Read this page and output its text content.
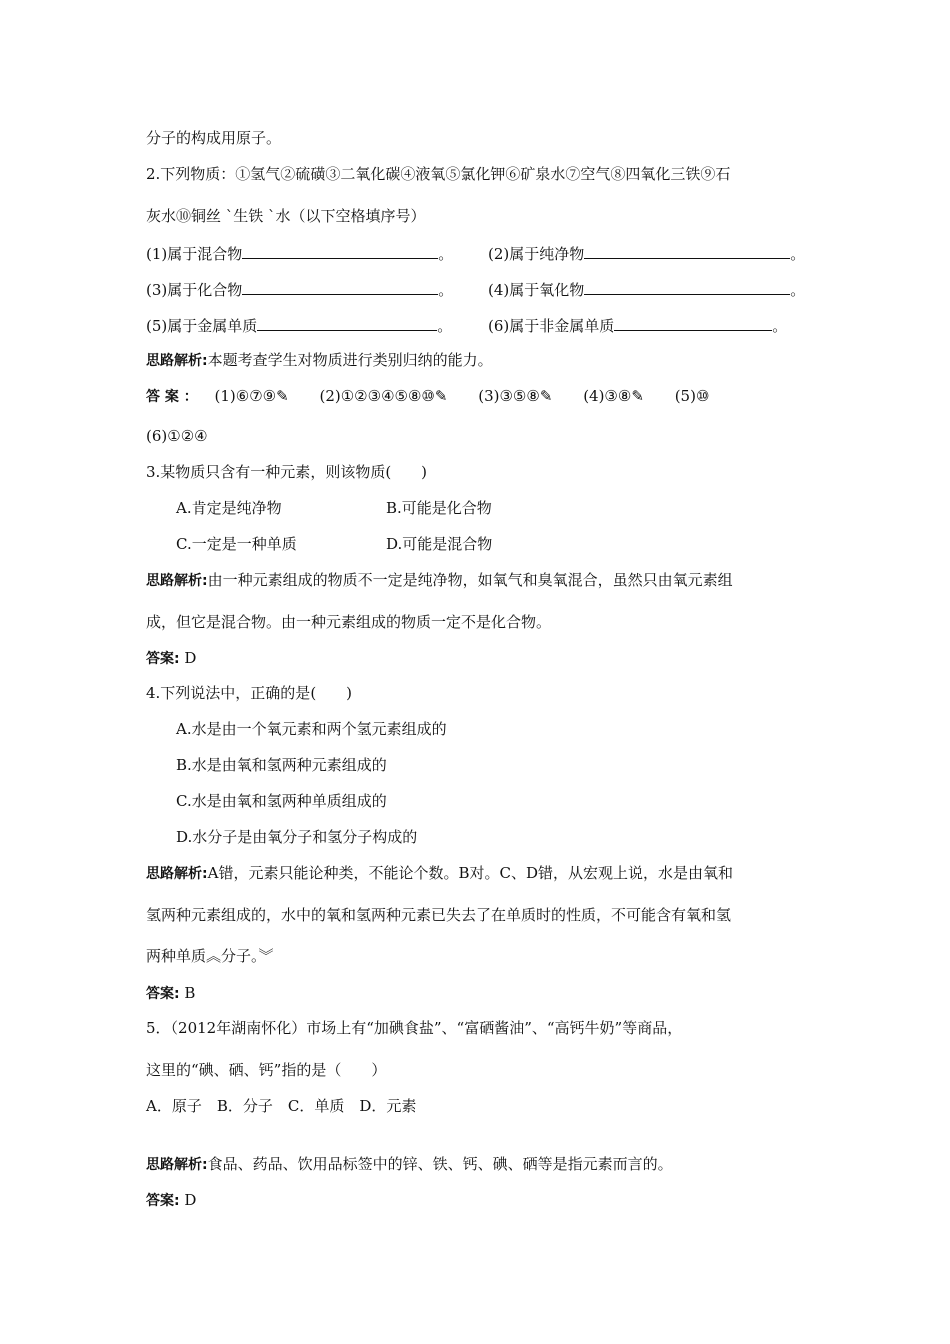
分子的构成用原子。
2.下列物质：①氢气②硫磺③二氧化碳④液氧⑤氯化钾⑥矿泉水⑦空气⑧四氧化三铁⑨石
灰水⑩铜丝 `生铁 `水（以下空格填序号）
(1)属于混合物	。 (2)属于纯净物	。
(3)属于化合物	。 (4)属于氧化物	。
(5)属于金属单质	。 (6)属于非金属单质	。
思路解析:本题考查学生对物质进行类别归纳的能力。
答 案 ： (1)⑥⑦⑨✎ (2)①②③④⑤⑧⑩✎ (3)③⑤⑧✎ (4)③⑧✎ (5)⑩
(6)①②④
3.某物质只含有一种元素，则该物质(　　)
A.肯定是纯净物	B.可能是化合物
C.一定是一种单质	D.可能是混合物
思路解析:由一种元素组成的物质不一定是纯净物，如氧气和臭氧混合，虽然只由氧元素组
成，但它是混合物。由一种元素组成的物质一定不是化合物。
答案: D
4.下列说法中，正确的是(　　)
A.水是由一个氧元素和两个氢元素组成的
B.水是由氧和氢两种元素组成的
C.水是由氧和氢两种单质组成的
D.水分子是由氧分子和氢分子构成的
思路解析:A错，元素只能论种类，不能论个数。B对。C、D错，从宏观上说，水是由氧和
氢两种元素组成的，水中的氧和氢两种元素已失去了在单质时的性质，不可能含有氧和氢
两种单质︽分子。︾
答案: B
5．（2012年湖南怀化）市场上有“加碘食盐”、“富硒酱油”、“高钙牛奶”等商品，
这里的“碘、硒、钙”指的是（　　）
A．原子　B．分子　C．单质　D．元素
思路解析:食品、药品、饮用品标签中的锌、铁、钙、碘、硒等是指元素而言的。
答案: D
